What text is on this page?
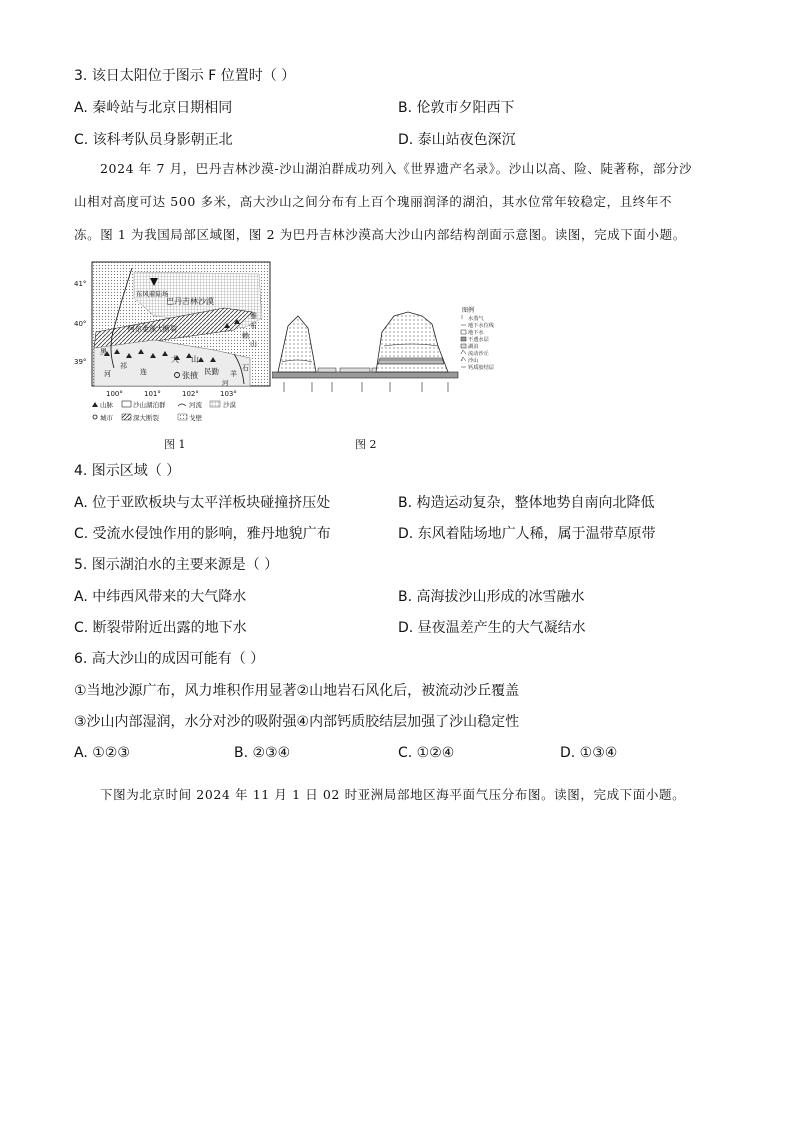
3. 该日太阳位于图示 F 位置时（ ）
A. 秦岭站与北京日期相同	B. 伦敦市夕阳西下
C. 该科考队员身影朝正北	D. 泰山站夜色深沉
2024 年 7 月，巴丹吉林沙漠-沙山湖泊群成功列入《世界遗产名录》。沙山以高、险、陡著称，部分沙
山相对高度可达 500 多米，高大沙山之间分布有上百个瑰丽润泽的湖泊，其水位常年较稳定，且终年不
冻。图 1 为我国局部区域图，图 2 为巴丹吉林沙漠高大沙山内部结构剖面示意图。读图，完成下面小题。
东风着陆场
巴丹吉林沙漠
阿尔金深大断裂
张掖 民勤
大 山
河
雅
布
赖
山
黑
河
祁
连	羊
石
41°
40°
39°
100°	101°	102°	103°
山脉	沙山湖泊群	河流	沙漠
城市	深大断裂	戈壁
图 1
图例
水蒸气
地下水位线
地下水
不透水层
湖泊
流动沙丘
沙山
钙质胶结层
图 2
4. 图示区域（ ）
A. 位于亚欧板块与太平洋板块碰撞挤压处	B. 构造运动复杂，整体地势自南向北降低
C. 受流水侵蚀作用的影响，雅丹地貌广布	D. 东风着陆场地广人稀，属于温带草原带
5. 图示湖泊水的主要来源是（ ）
A. 中纬西风带来的大气降水	B. 高海拔沙山形成的冰雪融水
C. 断裂带附近出露的地下水	D. 昼夜温差产生的大气凝结水
6. 高大沙山的成因可能有（ ）
①当地沙源广布，风力堆积作用显著②山地岩石风化后，被流动沙丘覆盖
③沙山内部湿润，水分对沙的吸附强④内部钙质胶结层加强了沙山稳定性
A. ①②③	B. ②③④	C. ①②④	D. ①③④
下图为北京时间 2024 年 11 月 1 日 02 时亚洲局部地区海平面气压分布图。读图，完成下面小题。
